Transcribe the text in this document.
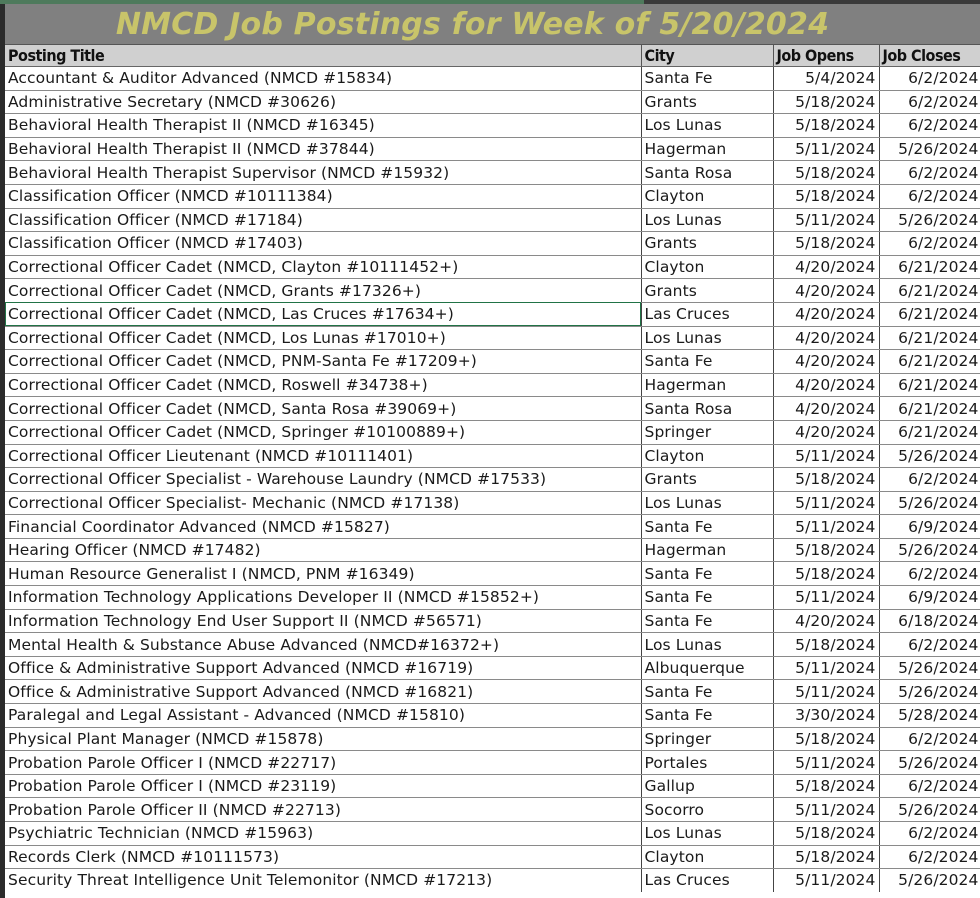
NMCD Job Postings for Week of 5/20/2024
Posting Title	City	Job Opens	Job Closes
Accountant & Auditor Advanced (NMCD #15834)	Santa Fe	5/4/2024	6/2/2024
Administrative Secretary (NMCD #30626)	Grants	5/18/2024	6/2/2024
Behavioral Health Therapist II (NMCD #16345)	Los Lunas	5/18/2024	6/2/2024
Behavioral Health Therapist II (NMCD #37844)	Hagerman	5/11/2024	5/26/2024
Behavioral Health Therapist Supervisor (NMCD #15932)	Santa Rosa	5/18/2024	6/2/2024
Classification Officer (NMCD #10111384)	Clayton	5/18/2024	6/2/2024
Classification Officer (NMCD #17184)	Los Lunas	5/11/2024	5/26/2024
Classification Officer (NMCD #17403)	Grants	5/18/2024	6/2/2024
Correctional Officer Cadet (NMCD, Clayton #10111452+)	Clayton	4/20/2024	6/21/2024
Correctional Officer Cadet (NMCD, Grants #17326+)	Grants	4/20/2024	6/21/2024
Correctional Officer Cadet (NMCD, Las Cruces #17634+)	Las Cruces	4/20/2024	6/21/2024
Correctional Officer Cadet (NMCD, Los Lunas #17010+)	Los Lunas	4/20/2024	6/21/2024
Correctional Officer Cadet (NMCD, PNM-Santa Fe #17209+)	Santa Fe	4/20/2024	6/21/2024
Correctional Officer Cadet (NMCD, Roswell #34738+)	Hagerman	4/20/2024	6/21/2024
Correctional Officer Cadet (NMCD, Santa Rosa #39069+)	Santa Rosa	4/20/2024	6/21/2024
Correctional Officer Cadet (NMCD, Springer #10100889+)	Springer	4/20/2024	6/21/2024
Correctional Officer Lieutenant (NMCD #10111401)	Clayton	5/11/2024	5/26/2024
Correctional Officer Specialist - Warehouse Laundry (NMCD #17533)	Grants	5/18/2024	6/2/2024
Correctional Officer Specialist- Mechanic (NMCD #17138)	Los Lunas	5/11/2024	5/26/2024
Financial Coordinator Advanced (NMCD #15827)	Santa Fe	5/11/2024	6/9/2024
Hearing Officer (NMCD #17482)	Hagerman	5/18/2024	5/26/2024
Human Resource Generalist I (NMCD, PNM #16349)	Santa Fe	5/18/2024	6/2/2024
Information Technology Applications Developer II (NMCD #15852+)	Santa Fe	5/11/2024	6/9/2024
Information Technology End User Support II (NMCD #56571)	Santa Fe	4/20/2024	6/18/2024
Mental Health & Substance Abuse Advanced (NMCD#16372+)	Los Lunas	5/18/2024	6/2/2024
Office & Administrative Support Advanced (NMCD #16719)	Albuquerque	5/11/2024	5/26/2024
Office & Administrative Support Advanced (NMCD #16821)	Santa Fe	5/11/2024	5/26/2024
Paralegal and Legal Assistant - Advanced (NMCD #15810)	Santa Fe	3/30/2024	5/28/2024
Physical Plant Manager (NMCD #15878)	Springer	5/18/2024	6/2/2024
Probation Parole Officer I (NMCD #22717)	Portales	5/11/2024	5/26/2024
Probation Parole Officer I (NMCD #23119)	Gallup	5/18/2024	6/2/2024
Probation Parole Officer II (NMCD #22713)	Socorro	5/11/2024	5/26/2024
Psychiatric Technician (NMCD #15963)	Los Lunas	5/18/2024	6/2/2024
Records Clerk (NMCD #10111573)	Clayton	5/18/2024	6/2/2024
Security Threat Intelligence Unit Telemonitor (NMCD #17213)	Las Cruces	5/11/2024	5/26/2024
